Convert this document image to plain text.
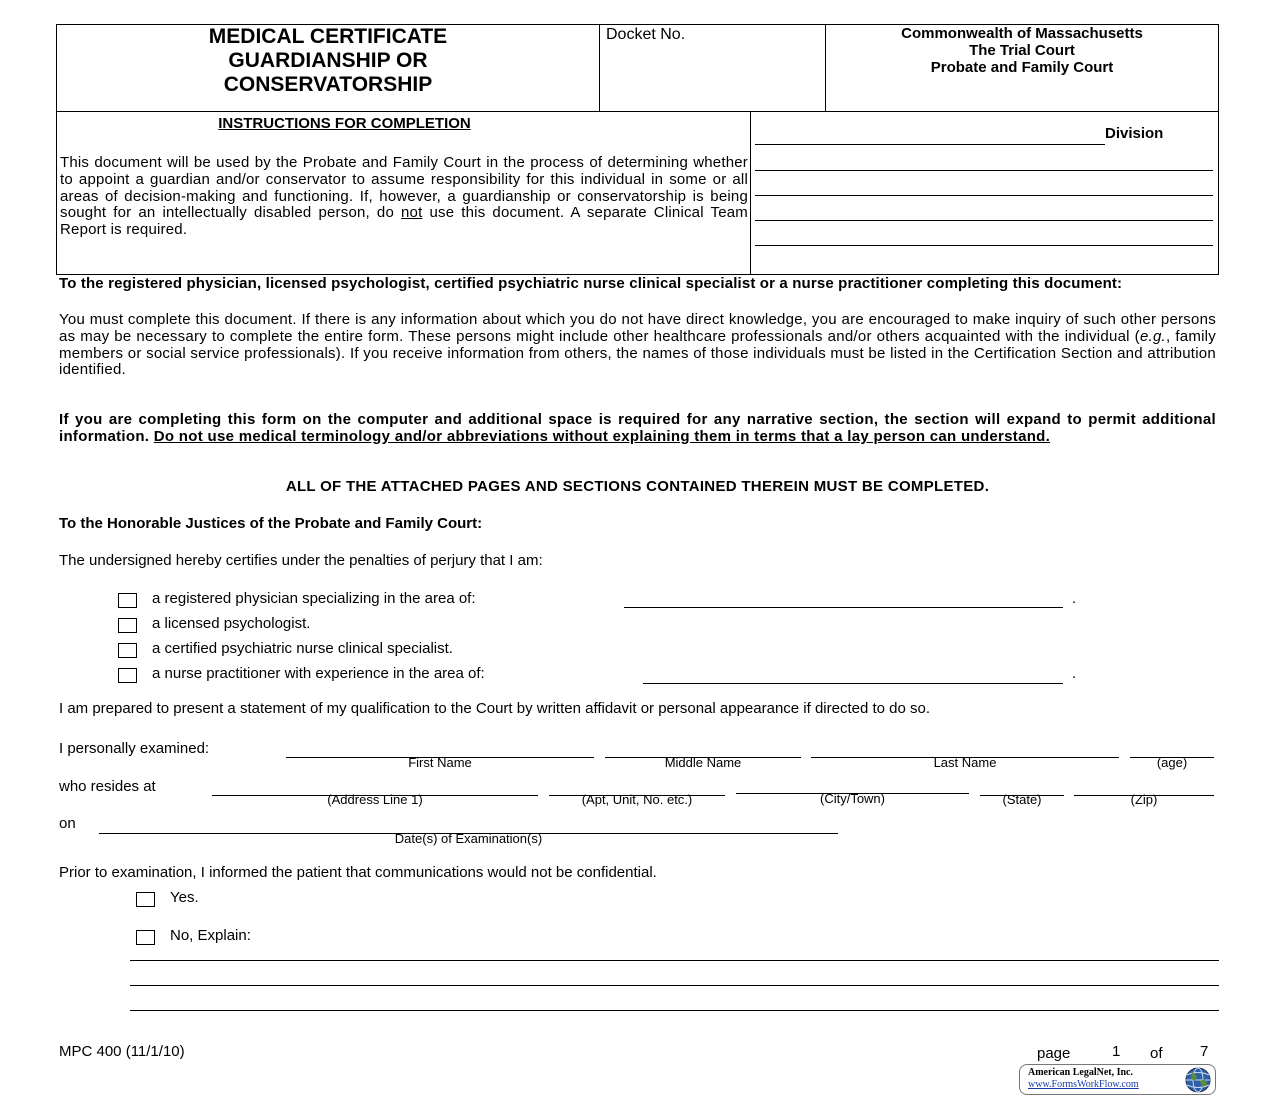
MEDICAL CERTIFICATE
GUARDIANSHIP OR
CONSERVATORSHIP
Docket No.	Commonwealth of Massachusetts
The Trial Court
Probate and Family Court
INSTRUCTIONS FOR COMPLETION
This document will be used by the Probate and Family Court in the process of determining whether to appoint a guardian and/or conservator to assume responsibility for this individual in some or all areas of decision-making and functioning. If, however, a guardianship or conservatorship is being sought for an intellectually disabled person, do not use this document. A separate Clinical Team Report is required.
Division
To the registered physician, licensed psychologist, certified psychiatric nurse clinical specialist or a nurse practitioner completing this document:
You must complete this document. If there is any information about which you do not have direct knowledge, you are encouraged to make inquiry of such other persons as may be necessary to complete the entire form. These persons might include other healthcare professionals and/or others acquainted with the individual (e.g., family members or social service professionals). If you receive information from others, the names of those individuals must be listed in the Certification Section and attribution identified.
If you are completing this form on the computer and additional space is required for any narrative section, the section will expand to permit additional information. Do not use medical terminology and/or abbreviations without explaining them in terms that a lay person can understand.
ALL OF THE ATTACHED PAGES AND SECTIONS CONTAINED THEREIN MUST BE COMPLETED.
To the Honorable Justices of the Probate and Family Court:
The undersigned hereby certifies under the penalties of perjury that I am:
a registered physician specializing in the area of:	.
a licensed psychologist.
a certified psychiatric nurse clinical specialist.
a nurse practitioner with experience in the area of:	.
I am prepared to present a statement of my qualification to the Court by written affidavit or personal appearance if directed to do so.
I personally examined:
First Name	Middle Name	Last Name	(age)
who resides at
(Address Line 1)	(Apt, Unit, No. etc.)	(City/Town)	(State)	(Zip)
on
Date(s) of Examination(s)
Prior to examination, I informed the patient that communications would not be confidential.
Yes.
No, Explain:
MPC 400 (11/1/10)	page	1 of 7
American LegalNet, Inc.
www.FormsWorkFlow.com
